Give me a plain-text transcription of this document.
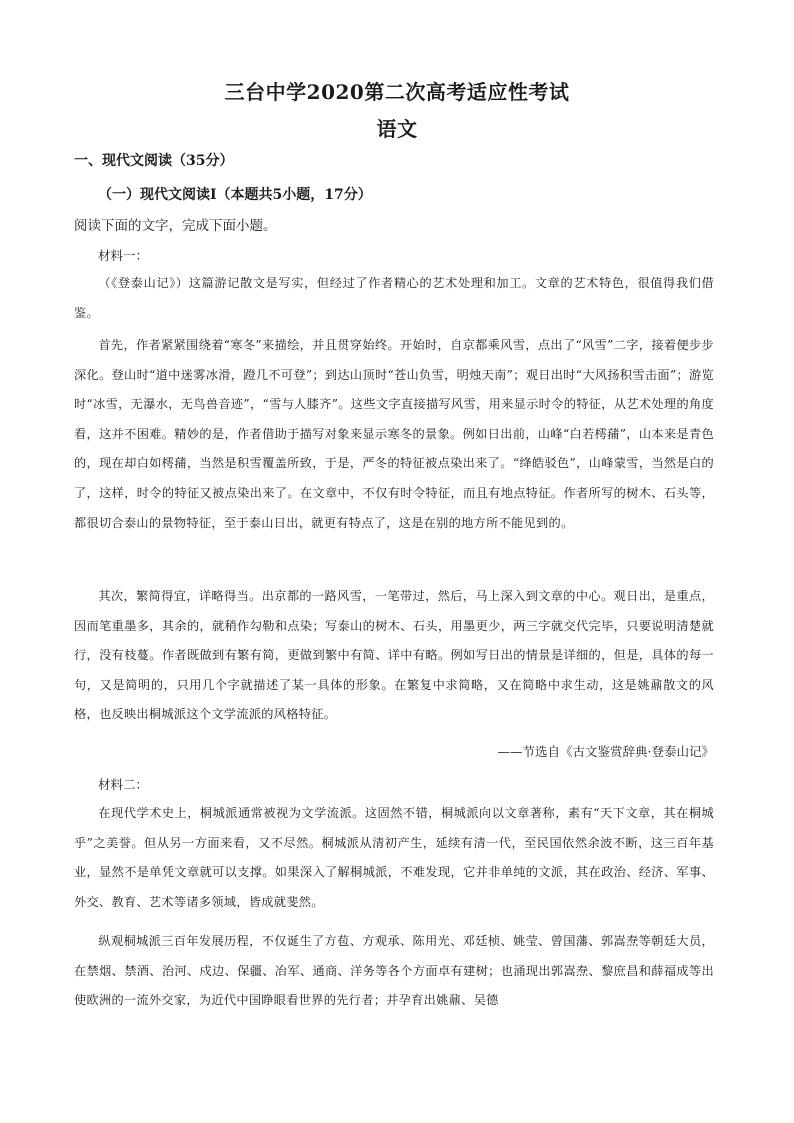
三台中学2020第二次高考适应性考试
语文
一、现代文阅读（35分）
（一）现代文阅读Ⅰ（本题共5小题，17分）
阅读下面的文字，完成下面小题。
材料一：
（《登泰山记》）这篇游记散文是写实，但经过了作者精心的艺术处理和加工。文章的艺术特色，很值得我们借鉴。
首先，作者紧紧围绕着“寒冬”来描绘，并且贯穿始终。开始时，自京都乘风雪，点出了“风雪”二字，接着便步步深化。登山时“道中迷雾冰滑，蹬几不可登”；到达山顶时“苍山负雪，明烛天南”；观日出时“大风扬积雪击面”；游览时“冰雪，无瀑水，无鸟兽音迹”，“雪与人膝齐”。这些文字直接描写风雪，用来显示时令的特征，从艺术处理的角度看，这并不困难。精妙的是，作者借助于描写对象来显示寒冬的景象。例如日出前，山峰“白若樗蒱”，山本来是青色的，现在却白如樗蒱，当然是积雪覆盖所致，于是，严冬的特征被点染出来了。“绛皓驳色”，山峰蒙雪，当然是白的了，这样，时令的特征又被点染出来了。在文章中，不仅有时令特征，而且有地点特征。作者所写的树木、石头等，都很切合泰山的景物特征，至于泰山日出，就更有特点了，这是在别的地方所不能见到的。
其次，繁简得宜，详略得当。出京都的一路风雪，一笔带过，然后，马上深入到文章的中心。观日出，是重点，因而笔重墨多，其余的，就稍作勾勒和点染；写泰山的树木、石头，用墨更少，两三字就交代完毕，只要说明清楚就行，没有枝蔓。作者既做到有繁有简，更做到繁中有简、详中有略。例如写日出的情景是详细的，但是，具体的每一句，又是简明的，只用几个字就描述了某一具体的形象。在繁复中求简略，又在简略中求生动，这是姚鼐散文的风格，也反映出桐城派这个文学流派的风格特征。
——节选自《古文鉴赏辞典·登泰山记》
材料二：
在现代学术史上，桐城派通常被视为文学流派。这固然不错，桐城派向以文章著称，素有“天下文章，其在桐城乎”之美誉。但从另一方面来看，又不尽然。桐城派从清初产生，延续有清一代，至民国依然余波不断，这三百年基业，显然不是单凭文章就可以支撑。如果深入了解桐城派，不难发现，它并非单纯的文派，其在政治、经济、军事、外交、教育、艺术等诸多领域，皆成就斐然。
纵观桐城派三百年发展历程，不仅诞生了方苞、方观承、陈用光、邓廷桢、姚莹、曾国藩、郭嵩焘等朝廷大员，在禁烟、禁酒、治河、戍边、保疆、冶军、通商、洋务等各个方面卓有建树；也涌现出郭嵩焘、黎庶昌和薛福成等出使欧洲的一流外交家，为近代中国睁眼看世界的先行者；并孕育出姚鼐、吴德
